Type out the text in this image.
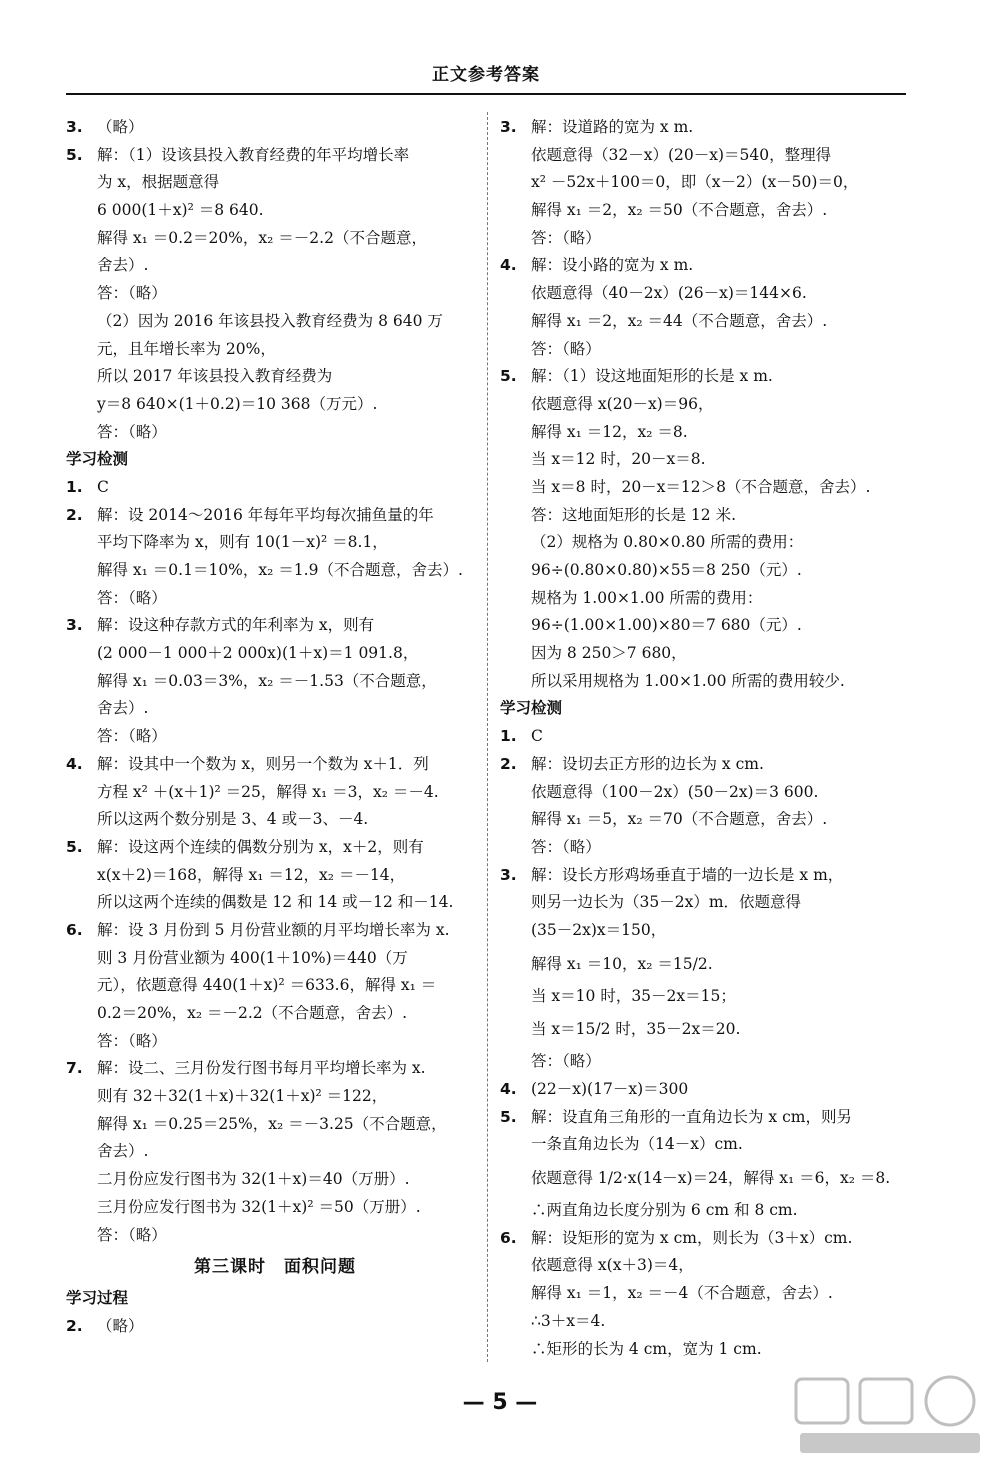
正文参考答案
3. （略）
5. 解：（1）设该县投入教育经费的年平均增长率
为 x，根据题意得
6 000(1＋x)² ＝8 640.
解得 x₁ ＝0.2＝20%，x₂ ＝－2.2（不合题意，
舍去）.
答：（略）
（2）因为 2016 年该县投入教育经费为 8 640 万
元，且年增长率为 20%，
所以 2017 年该县投入教育经费为
y＝8 640×(1＋0.2)＝10 368（万元）.
答：（略）
学习检测
1. C
2. 解：设 2014～2016 年每年平均每次捕鱼量的年
平均下降率为 x，则有 10(1－x)² ＝8.1，
解得 x₁ ＝0.1＝10%，x₂ ＝1.9（不合题意，舍去）.
答：（略）
3. 解：设这种存款方式的年利率为 x，则有
(2 000－1 000＋2 000x)(1＋x)＝1 091.8，
解得 x₁ ＝0.03＝3%，x₂ ＝－1.53（不合题意，
舍去）.
答：（略）
4. 解：设其中一个数为 x，则另一个数为 x＋1．列
方程 x² ＋(x＋1)² ＝25，解得 x₁ ＝3，x₂ ＝－4.
所以这两个数分别是 3、4 或－3、－4.
5. 解：设这两个连续的偶数分别为 x，x＋2，则有
x(x＋2)＝168，解得 x₁ ＝12，x₂ ＝－14，
所以这两个连续的偶数是 12 和 14 或－12 和－14.
6. 解：设 3 月份到 5 月份营业额的月平均增长率为 x.
则 3 月份营业额为 400(1＋10%)＝440（万
元），依题意得 440(1＋x)² ＝633.6，解得 x₁ ＝
0.2＝20%，x₂ ＝－2.2（不合题意，舍去）.
答：（略）
7. 解：设二、三月份发行图书每月平均增长率为 x.
则有 32＋32(1＋x)＋32(1＋x)² ＝122，
解得 x₁ ＝0.25＝25%，x₂ ＝－3.25（不合题意，
舍去）.
二月份应发行图书为 32(1＋x)＝40（万册）.
三月份应发行图书为 32(1＋x)² ＝50（万册）.
答：（略）
第三课时　面积问题
学习过程
2. （略）
3. 解：设道路的宽为 x m.
依题意得（32－x）(20－x)＝540，整理得
x² －52x＋100＝0，即（x－2）(x－50)＝0，
解得 x₁ ＝2，x₂ ＝50（不合题意，舍去）.
答：（略）
4. 解：设小路的宽为 x m.
依题意得（40－2x）(26－x)＝144×6.
解得 x₁ ＝2，x₂ ＝44（不合题意，舍去）.
答：（略）
5. 解：（1）设这地面矩形的长是 x m.
依题意得 x(20－x)＝96，
解得 x₁ ＝12，x₂ ＝8.
当 x＝12 时，20－x＝8.
当 x＝8 时，20－x＝12＞8（不合题意，舍去）.
答：这地面矩形的长是 12 米.
（2）规格为 0.80×0.80 所需的费用：
96÷(0.80×0.80)×55＝8 250（元）.
规格为 1.00×1.00 所需的费用：
96÷(1.00×1.00)×80＝7 680（元）.
因为 8 250＞7 680，
所以采用规格为 1.00×1.00 所需的费用较少.
学习检测
1. C
2. 解：设切去正方形的边长为 x cm.
依题意得（100－2x）(50－2x)＝3 600.
解得 x₁ ＝5，x₂ ＝70（不合题意，舍去）.
答：（略）
3. 解：设长方形鸡场垂直于墙的一边长是 x m，
则另一边长为（35－2x）m．依题意得
(35－2x)x＝150，
解得 x₁ ＝10，x₂ ＝15/2.
当 x＝10 时，35－2x＝15；
当 x＝15/2 时，35－2x＝20.
答：（略）
4. (22－x)(17－x)＝300
5. 解：设直角三角形的一直角边长为 x cm，则另
一条直角边长为（14－x）cm.
依题意得 1/2·x(14－x)＝24，解得 x₁ ＝6，x₂ ＝8.
∴两直角边长度分别为 6 cm 和 8 cm.
6. 解：设矩形的宽为 x cm，则长为（3＋x）cm.
依题意得 x(x＋3)＝4，
解得 x₁ ＝1，x₂ ＝－4（不合题意，舍去）.
∴3＋x＝4.
∴矩形的长为 4 cm，宽为 1 cm.
— 5 —
